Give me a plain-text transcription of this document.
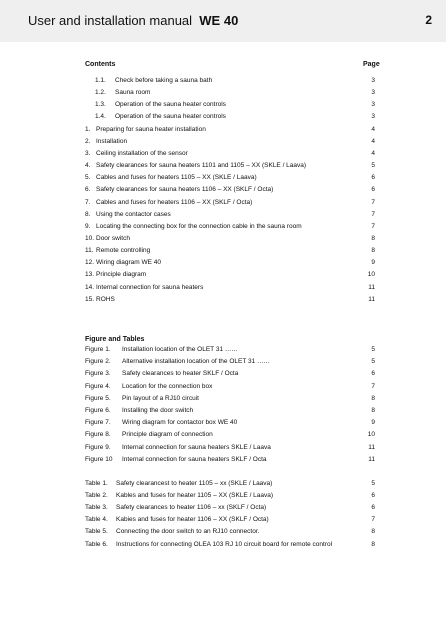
User and installation manual WE 40	2
Contents	Page
1.1. Check before taking a sauna bath	3
1.2. Sauna room	3
1.3. Operation of the sauna heater controls	3
1.4. Operation of the sauna heater controls	3
1. Preparing for sauna heater installation	4
2. Installation	4
3. Ceiling installation of the sensor	4
4. Safety clearances for sauna heaters 1101 and 1105 – XX (SKLE / Laava)	5
5. Cables and fuses for heaters 1105 – XX (SKLE / Laava)	6
6. Safety clearances for sauna heaters 1106 – XX (SKLF / Octa)	6
7. Cables and fuses for heaters 1106 – XX (SKLF / Octa)	7
8. Using the contactor cases	7
9. Locating the connecting box for the connection cable in the sauna room	7
10. Door switch	8
11. Remote controlling	8
12. Wiring diagram WE 40	9
13. Principle diagram	10
14. Internal connection for sauna heaters	11
15. ROHS	11
Figure and Tables
Figure 1. Installation location of the OLET 31 ……	5
Figure 2. Alternative installation location of the OLET 31 ……	5
Figure 3. Safety clearances to heater SKLF / Octa	6
Figure 4. Location for the connection box	7
Figure 5. Pin layout of a RJ10 circuit	8
Figure 6. Installing the door switch	8
Figure 7. Wiring diagram for contactor box WE 40	9
Figure 8. Principle diagram of connection	10
Figure 9. Internal connection for sauna heaters SKLE / Laava	11
Figure 10 Internal connection for sauna heaters SKLF / Octa	11
Table 1. Safety clearancest to heater 1105 – xx (SKLE / Laava)	5
Table 2. Kables and fuses for heater 1105 – XX (SKLE / Laava)	6
Table 3. Safety clearances to heater 1106 – xx (SKLF / Octa)	6
Table 4. Kabies and fuses for heater 1106 – XX (SKLF / Octa)	7
Table 5. Connecting the door switch to an RJ10 connector.	8
Table 6. Instructions for connecting OLEA 103 RJ 10 circuit board for remote control	8
